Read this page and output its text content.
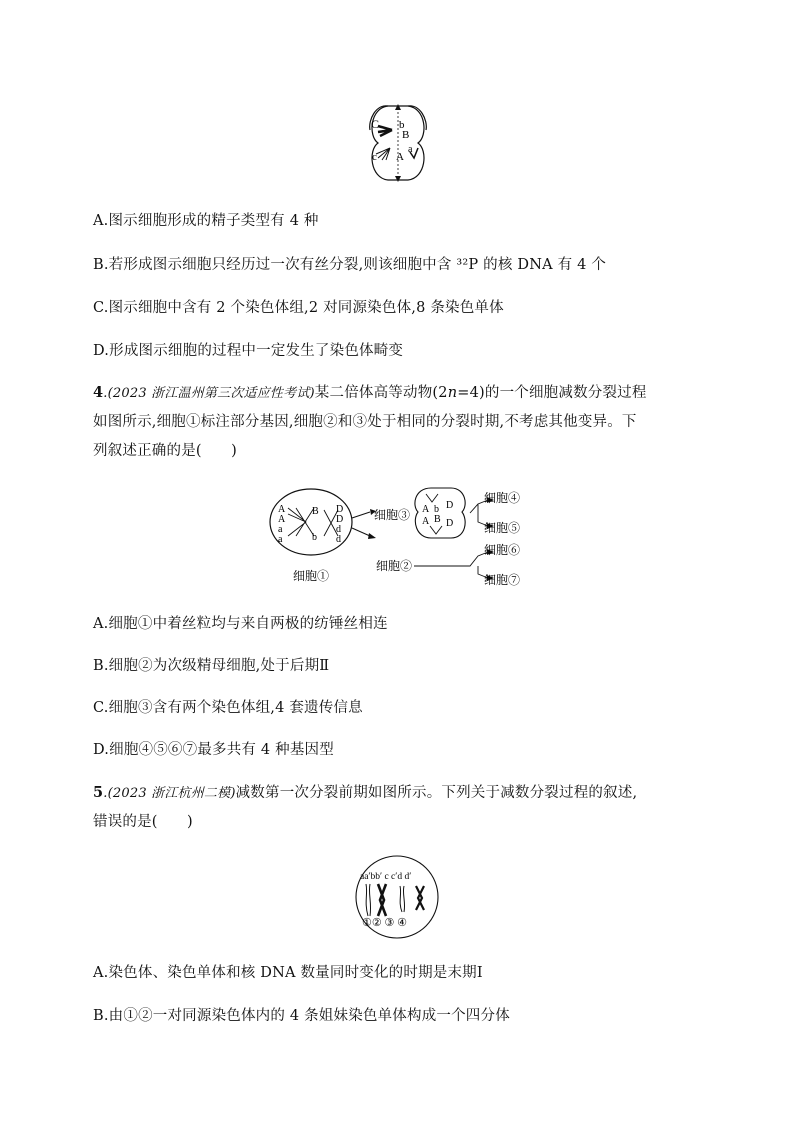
C b
B
c A
a
A.图示细胞形成的精子类型有 4 种
B.若形成图示细胞只经历过一次有丝分裂,则该细胞中含 ³²P 的核 DNA 有 4 个
C.图示细胞中含有 2 个染色体组,2 对同源染色体,8 条染色单体
D.形成图示细胞的过程中一定发生了染色体畸变
4.(2023 浙江温州第三次适应性考试)某二倍体高等动物(2n=4)的一个细胞减数分裂过程
如图所示,细胞①标注部分基因,细胞②和③处于相同的分裂时期,不考虑其他变异。下
列叙述正确的是(　　)
A
A
a
a
B
b
D
D
d
d
细胞①
细胞③
细胞②
A b D
A B D
细胞④
细胞⑤
细胞⑥
细胞⑦
A.细胞①中着丝粒均与来自两极的纺锤丝相连
B.细胞②为次级精母细胞,处于后期Ⅱ
C.细胞③含有两个染色体组,4 套遗传信息
D.细胞④⑤⑥⑦最多共有 4 种基因型
5.(2023 浙江杭州二模)减数第一次分裂前期如图所示。下列关于减数分裂过程的叙述,
错误的是(　　)
aa′bb′ c c′d d′
①② ③ ④
A.染色体、染色单体和核 DNA 数量同时变化的时期是末期Ⅰ
B.由①②一对同源染色体内的 4 条姐妹染色单体构成一个四分体
